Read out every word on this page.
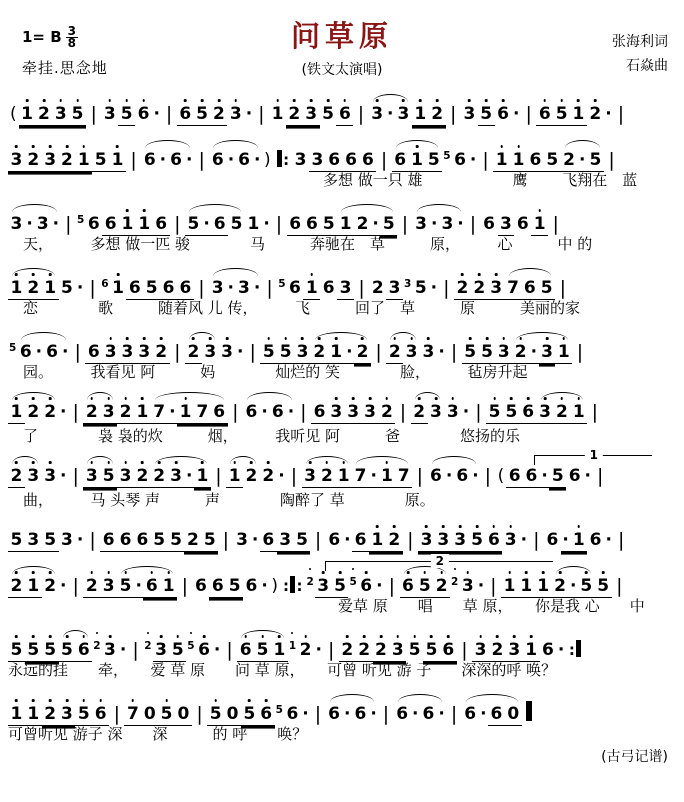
1= B $\frac{3}{8}$
牵挂.思念地
问草原
(铁文太演唱)
张海利词
石焱曲
( 1 2 3 5 | 3 5 6 · | 6 5 2 3 · | 1 2 3 5 6 | 3 · 3 1 2 | 3 5 6 · | 6 5 1 2 · |
3 2 3 2 1 5 1 | 6 · 6 · | 6 · 6 · ) : 3 3 6 6 6 | 6 1 5 5 6 · | 1 1 6 5 2 · 5 |
　　　　　　　　　　　　　　　　　　　　　多想 做一只 雄　　　　　　鹰　　 飞翔在　蓝
3 · 3 · | 5 6 6 1 1 6 | 5 · 6 5 1 · | 6 6 5 1 2 · 5 | 3 · 3 · | 6 3 6 1 |
　天，　　　多想 做一匹 骏　　　　马　　　奔驰在　草　　　原，　　　心　　　中 的
1 2 1 5 · | 6 1 6 5 6 6 | 3 · 3 · | 5 6 1 6 3 | 2 3 3 5 · | 2 2 3 7 6 5 |
　恋　　　　歌　　　随着风 儿 传，　　　飞　　　回了　草　　　原　　　美丽的家
5 6 · 6 · | 6 3 3 3 2 | 2 3 3 · | 5 5 3 2 1 · 2 | 2 3 3 · | 5 5 3 2 · 3 1 |
　园。　　　我看见 阿　　　妈　　　　灿烂的 笑　　　　脸，　　　毡房升起
1 2 2 · | 2 3 2 1 7 · 1 7 6 | 6 · 6 · | 6 3 3 3 2 | 2 3 3 · | 5 5 6 3 2 1 |
　了　　　　袅 袅的炊　　　烟，　　　我听见 阿　　　爸　　　　悠扬的乐
2 3 3 · | 3 5 3 2 2 3 · 1 | 1 2 2 · | 3 2 1 7 · 1 7 | 6 · 6 · | ( 6 6 · 5 6 · |
1
　曲，　　　马 头琴 声　　　声　　　　陶醉了 草　　　　原。
5 3 5 3 · | 6 6 6 5 5 2 5 | 3 · 6 3 5 | 6 · 6 1 2 | 3 3 3 5 6 3 · | 6 · 1 6 · |
2 1 2 · | 2 3 5 · 6 1 | 6 6 5 6 · ) : : 2 3 5 5 6 · | 6 5 2 2 3 · | 1 1 1 2 · 5 5 |
2
　　　　　　　　　　　　　　　　　　　　　　爱草 原　　唱　　草 原，　　你是我 心　　中
5 5 5 5 6 2 3 · | 2 3 5 5 6 · | 6 5 1 1 2 · | 2 2 2 3 5 5 6 | 3 2 3 1 6 · :
永远的挂　　牵，　　爱 草 原　　问 草 原，　　可曾 听见 游 子　　深深的呼 唤？
1 1 2 3 5 6 | 7 0 5 0 | 5 0 5 6 5 6 · | 6 · 6 · | 6 · 6 · | 6 · 6 0
可曾听见 游子 深　　深　　　的 呼　　唤？
(古弓记谱)
